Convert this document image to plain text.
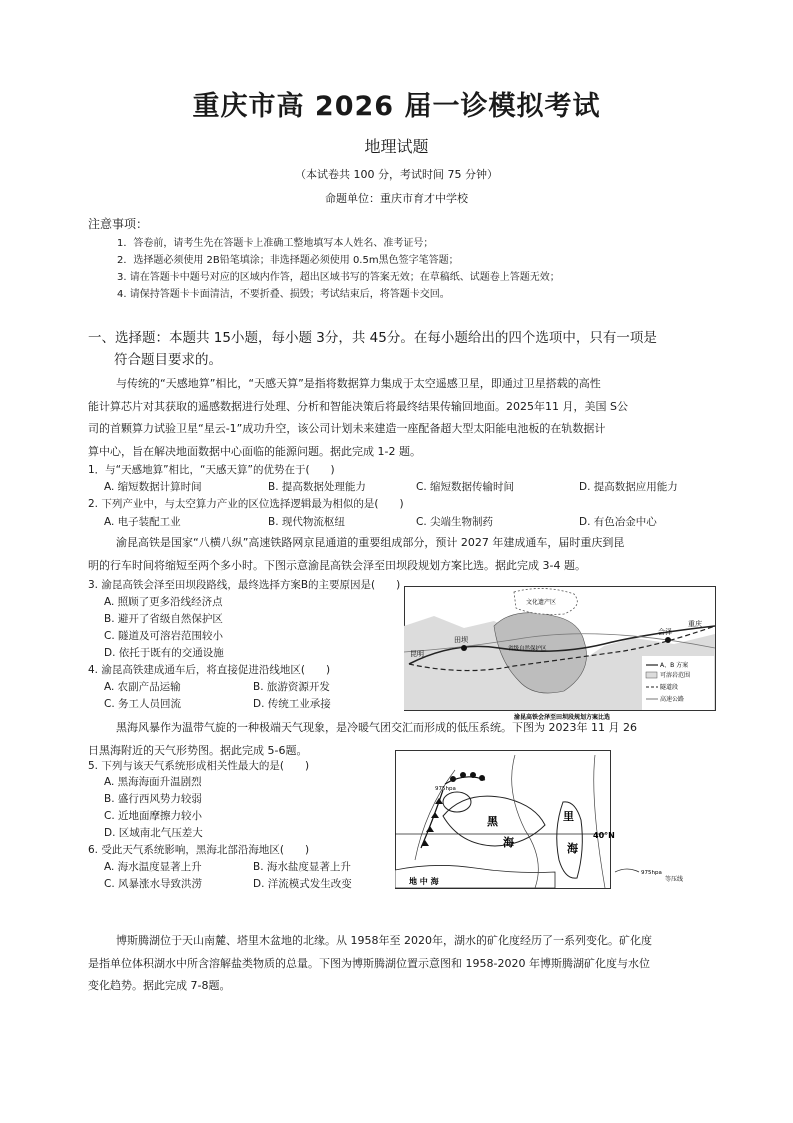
重庆市高 2026 届一诊模拟考试
地理试题
（本试卷共 100 分，考试时间 75 分钟）
命题单位：重庆市育才中学校
注意事项：
1．答卷前，请考生先在答题卡上准确工整地填写本人姓名、准考证号；
2．选择题必须使用 2B铅笔填涂；非选择题必须使用 0.5m黑色签字笔答题；
3. 请在答题卡中题号对应的区域内作答，超出区域书写的答案无效；在草稿纸、试题卷上答题无效；
4. 请保持答题卡卡面清洁，不要折叠、损毁；考试结束后，将答题卡交回。
一、选择题：本题共 15小题，每小题 3分，共 45分。在每小题给出的四个选项中，只有一项是
符合题目要求的。
与传统的“天感地算”相比，“天感天算”是指将数据算力集成于太空遥感卫星，即通过卫星搭载的高性
能计算芯片对其获取的遥感数据进行处理、分析和智能决策后将最终结果传输回地面。2025年11 月，美国 S公
司的首颗算力试验卫星“星云-1”成功升空，该公司计划未来建造一座配备超大型太阳能电池板的在轨数据计
算中心，旨在解决地面数据中心面临的能源问题。据此完成 1-2 题。
1．与“天感地算”相比，“天感天算”的优势在于(　　)
A. 缩短数据计算时间	B. 提高数据处理能力	C. 缩短数据传输时间	D. 提高数据应用能力
2. 下列产业中，与太空算力产业的区位选择逻辑最为相似的是(　　)
A. 电子装配工业	B. 现代物流枢纽	C. 尖端生物制药	D. 有色冶金中心
渝昆高铁是国家“八横八纵”高速铁路网京昆通道的重要组成部分，预计 2027 年建成通车，届时重庆到昆
明的行车时间将缩短至两个多小时。下图示意渝昆高铁会泽至田坝段规划方案比选。据此完成 3-4 题。
3. 渝昆高铁会泽至田坝段路线，最终选择方案B的主要原因是(　　)
A. 照顾了更多沿线经济点
B. 避开了省级自然保护区
C. 隧道及可溶岩范围较小
D. 依托于既有的交通设施
4. 渝昆高铁建成通车后，将直接促进沿线地区(　　)
A. 农副产品运输	B. 旅游资源开发
C. 务工人员回流	D. 传统工业承接
文化遗产区
省级自然保护区
昆明
田坝
会泽
重庆
A、B 方案
可溶岩范围
隧道段
高速公路
渝昆高铁会泽至田坝段规划方案比选
黑海风暴作为温带气旋的一种极端天气现象，是冷暖气团交汇而形成的低压系统。下图为 2023年 11 月 26
日黑海附近的天气形势图。据此完成 5-6题。
5. 下列与该天气系统形成相关性最大的是(　　)
A. 黑海海面升温剧烈
B. 盛行西风势力较弱
C. 近地面摩擦力较小
D. 区域南北气压差大
6. 受此天气系统影响，黑海北部沿海地区(　　)
A. 海水温度显著上升	B. 海水盐度显著上升
C. 风暴涨水导致洪涝	D. 洋流模式发生改变
975hpa
黑
海
里
海
40°N
地 中 海
975hpa
等压线
博斯腾湖位于天山南麓、塔里木盆地的北缘。从 1958年至 2020年，湖水的矿化度经历了一系列变化。矿化度
是指单位体积湖水中所含溶解盐类物质的总量。下图为博斯腾湖位置示意图和 1958-2020 年博斯腾湖矿化度与水位
变化趋势。据此完成 7-8题。
